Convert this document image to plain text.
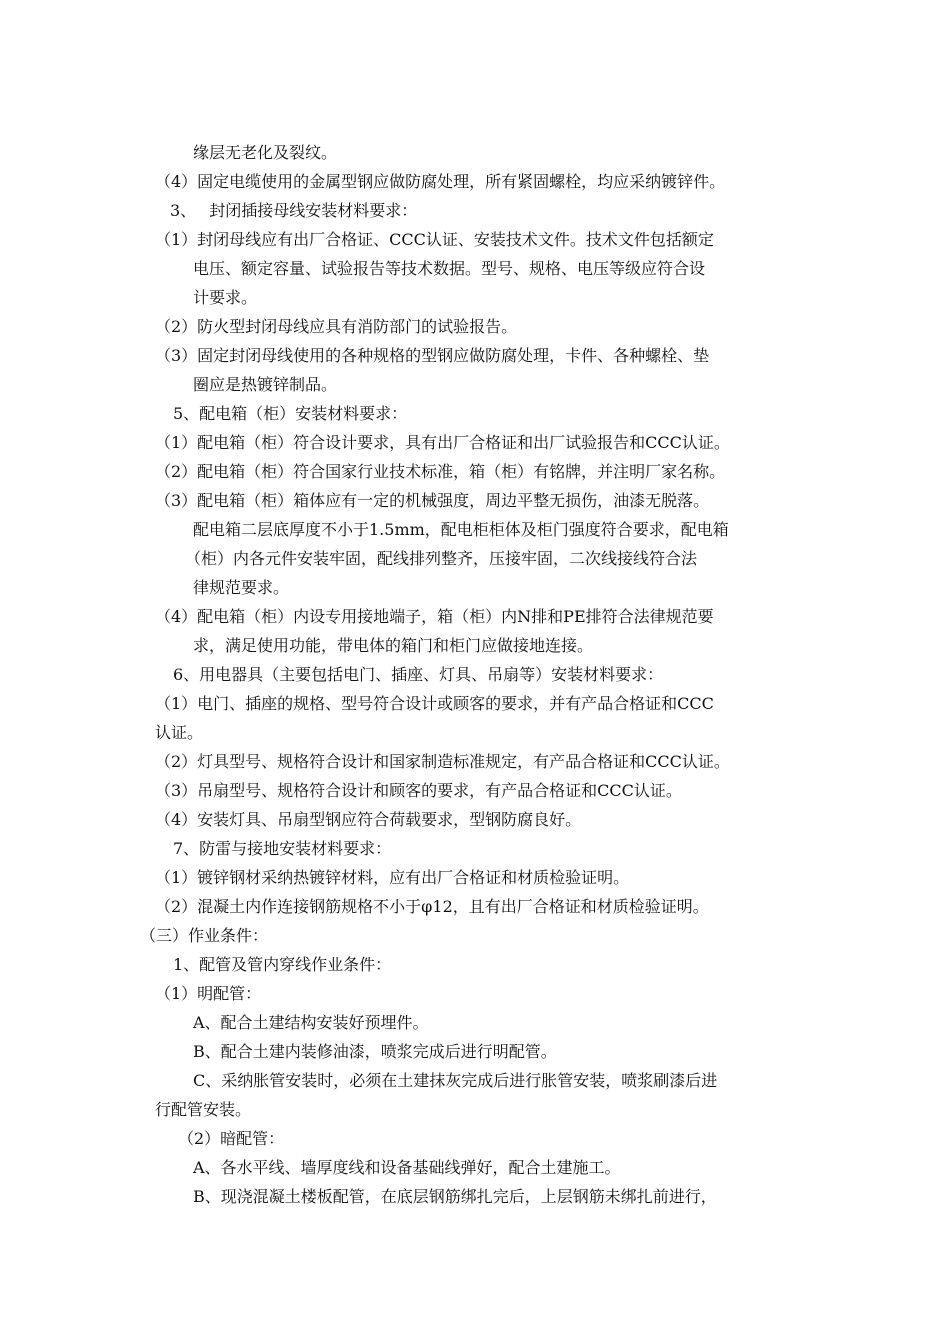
缘层无老化及裂纹。

（4）固定电缆使用的金属型钢应做防腐处理，所有紧固螺栓，均应采纳镀锌件。

3、　 封闭插接母线安装材料要求：

（1）封闭母线应有出厂合格证、CCC认证、安装技术文件。技术文件包括额定

电压、额定容量、试验报告等技术数据。型号、规格、电压等级应符合设

计要求。

（2）防火型封闭母线应具有消防部门的试验报告。

（3）固定封闭母线使用的各种规格的型钢应做防腐处理，卡件、各种螺栓、垫

圈应是热镀锌制品。

5、配电箱（柜）安装材料要求：

（1）配电箱（柜）符合设计要求，具有出厂合格证和出厂试验报告和CCC认证。

（2）配电箱（柜）符合国家行业技术标准，箱（柜）有铭牌，并注明厂家名称。

（3）配电箱（柜）箱体应有一定的机械强度，周边平整无损伤，油漆无脱落。

配电箱二层底厚度不小于1.5mm，配电柜柜体及柜门强度符合要求，配电箱

（柜）内各元件安装牢固，配线排列整齐，压接牢固，二次线接线符合法

律规范要求。

（4）配电箱（柜）内设专用接地端子，箱（柜）内N排和PE排符合法律规范要

求，满足使用功能，带电体的箱门和柜门应做接地连接。

6、用电器具（主要包括电门、插座、灯具、吊扇等）安装材料要求：

（1）电门、插座的规格、型号符合设计或顾客的要求，并有产品合格证和CCC

认证。

（2）灯具型号、规格符合设计和国家制造标准规定，有产品合格证和CCC认证。

（3）吊扇型号、规格符合设计和顾客的要求，有产品合格证和CCC认证。

（4）安装灯具、吊扇型钢应符合荷载要求，型钢防腐良好。

7、防雷与接地安装材料要求：

（1）镀锌钢材采纳热镀锌材料，应有出厂合格证和材质检验证明。

（2）混凝土内作连接钢筋规格不小于φ12，且有出厂合格证和材质检验证明。

（三）作业条件：

1、配管及管内穿线作业条件：

（1）明配管：

A、配合土建结构安装好预埋件。

B、配合土建内装修油漆，喷浆完成后进行明配管。

C、采纳胀管安装时，必须在土建抹灰完成后进行胀管安装，喷浆刷漆后进

行配管安装。

（2）暗配管：

A、各水平线、墙厚度线和设备基础线弹好，配合土建施工。

B、现浇混凝土楼板配管，在底层钢筋绑扎完后，上层钢筋未绑扎前进行，
